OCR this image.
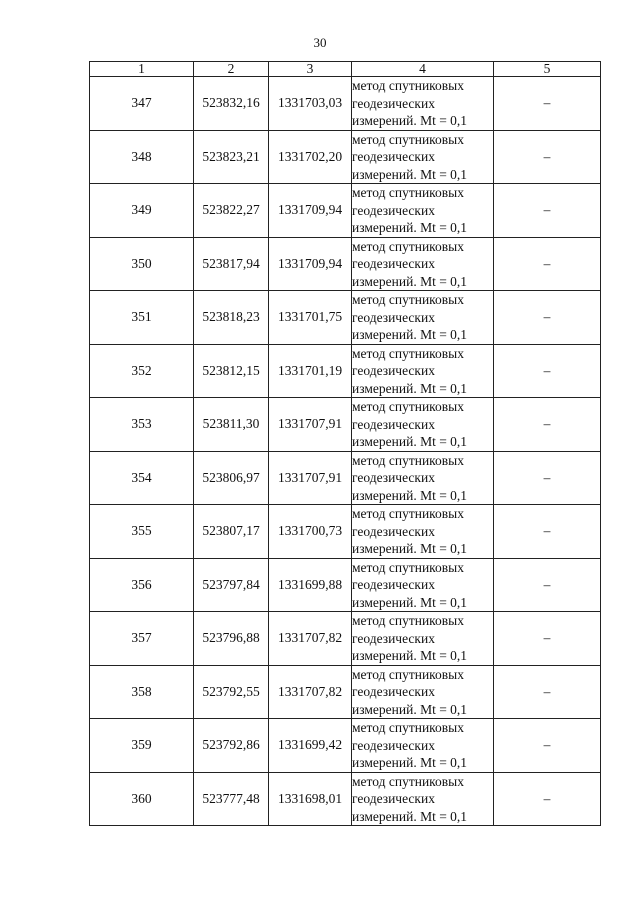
30
1	2	3	4	5
347	523832,16	1331703,03	метод спутниковых
геодезических
измерений. Mt = 0,1	–
348	523823,21	1331702,20	метод спутниковых
геодезических
измерений. Mt = 0,1	–
349	523822,27	1331709,94	метод спутниковых
геодезических
измерений. Mt = 0,1	–
350	523817,94	1331709,94	метод спутниковых
геодезических
измерений. Mt = 0,1	–
351	523818,23	1331701,75	метод спутниковых
геодезических
измерений. Mt = 0,1	–
352	523812,15	1331701,19	метод спутниковых
геодезических
измерений. Mt = 0,1	–
353	523811,30	1331707,91	метод спутниковых
геодезических
измерений. Mt = 0,1	–
354	523806,97	1331707,91	метод спутниковых
геодезических
измерений. Mt = 0,1	–
355	523807,17	1331700,73	метод спутниковых
геодезических
измерений. Mt = 0,1	–
356	523797,84	1331699,88	метод спутниковых
геодезических
измерений. Mt = 0,1	–
357	523796,88	1331707,82	метод спутниковых
геодезических
измерений. Mt = 0,1	–
358	523792,55	1331707,82	метод спутниковых
геодезических
измерений. Mt = 0,1	–
359	523792,86	1331699,42	метод спутниковых
геодезических
измерений. Mt = 0,1	–
360	523777,48	1331698,01	метод спутниковых
геодезических
измерений. Mt = 0,1	–
